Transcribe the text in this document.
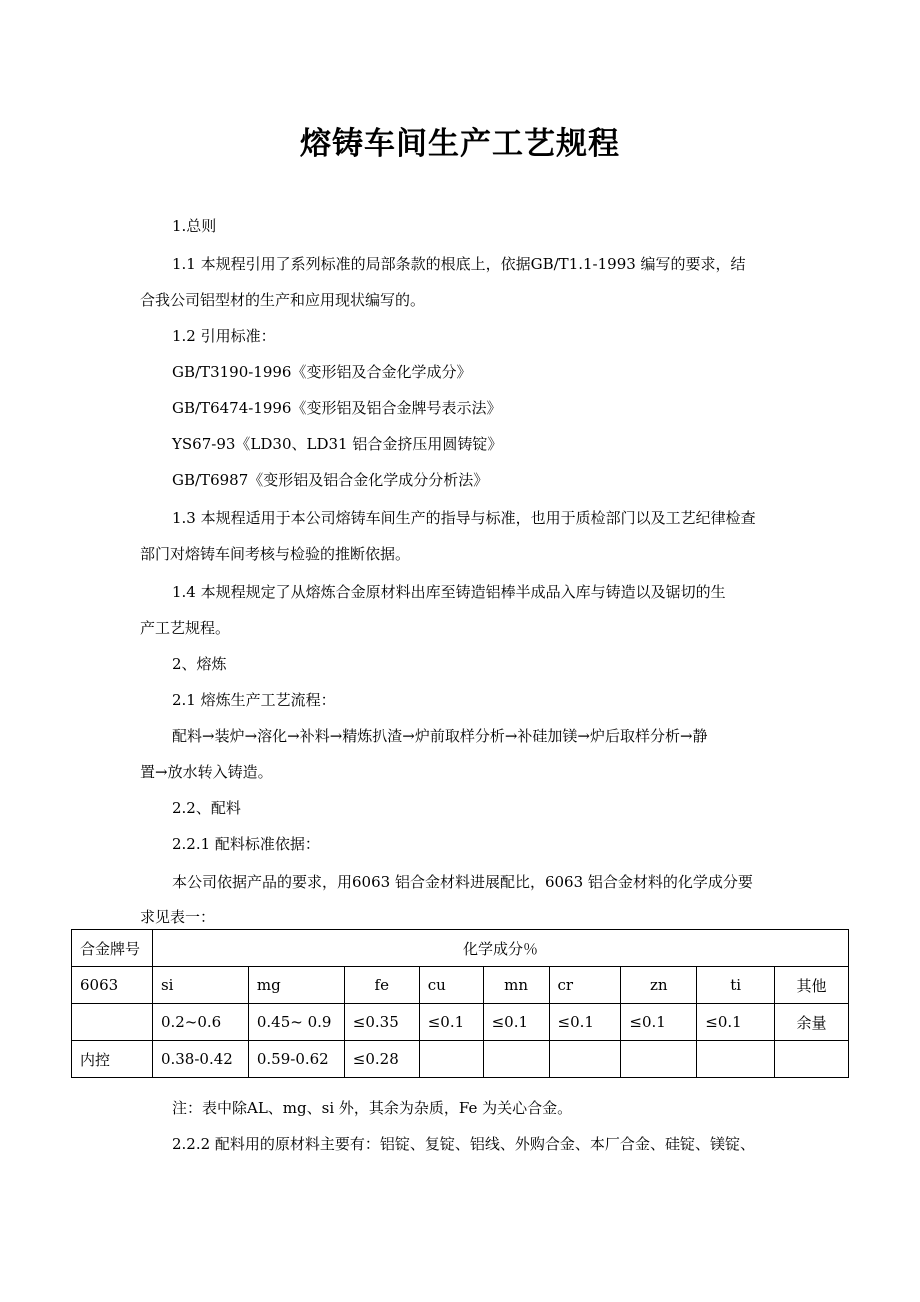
熔铸车间生产工艺规程
1.总则
1.1 本规程引用了系列标准的局部条款的根底上，依据GB/T1.1-1993 编写的要求，结
合我公司铝型材的生产和应用现状编写的。
1.2 引用标准：
GB/T3190-1996《变形铝及合金化学成分》
GB/T6474-1996《变形铝及铝合金牌号表示法》
YS67-93《LD30、LD31 铝合金挤压用圆铸锭》
GB/T6987《变形铝及铝合金化学成分分析法》
1.3 本规程适用于本公司熔铸车间生产的指导与标准，也用于质检部门以及工艺纪律检查
部门对熔铸车间考核与检验的推断依据。
1.4 本规程规定了从熔炼合金原材料出库至铸造铝棒半成品入库与铸造以及锯切的生
产工艺规程。
2、熔炼
2.1 熔炼生产工艺流程：
配料→装炉→溶化→补料→精炼扒渣→炉前取样分析→补硅加镁→炉后取样分析→静
置→放水转入铸造。
2.2、配料
2.2.1 配料标准依据：
本公司依据产品的要求，用6063 铝合金材料进展配比，6063 铝合金材料的化学成分要
求见表一：
合金牌号	化学成分％								
6063	si	mg	fe	cu	mn	cr	zn	ti	其他
	0.2~0.6	0.45~ 0.9	≤0.35	≤0.1	≤0.1	≤0.1	≤0.1	≤0.1	余量
内控	0.38-0.42	0.59-0.62	≤0.28						
注：表中除AL、mg、si 外，其余为杂质，Fe 为关心合金。
2.2.2 配料用的原材料主要有：铝锭、复锭、铝线、外购合金、本厂合金、硅锭、镁锭、
